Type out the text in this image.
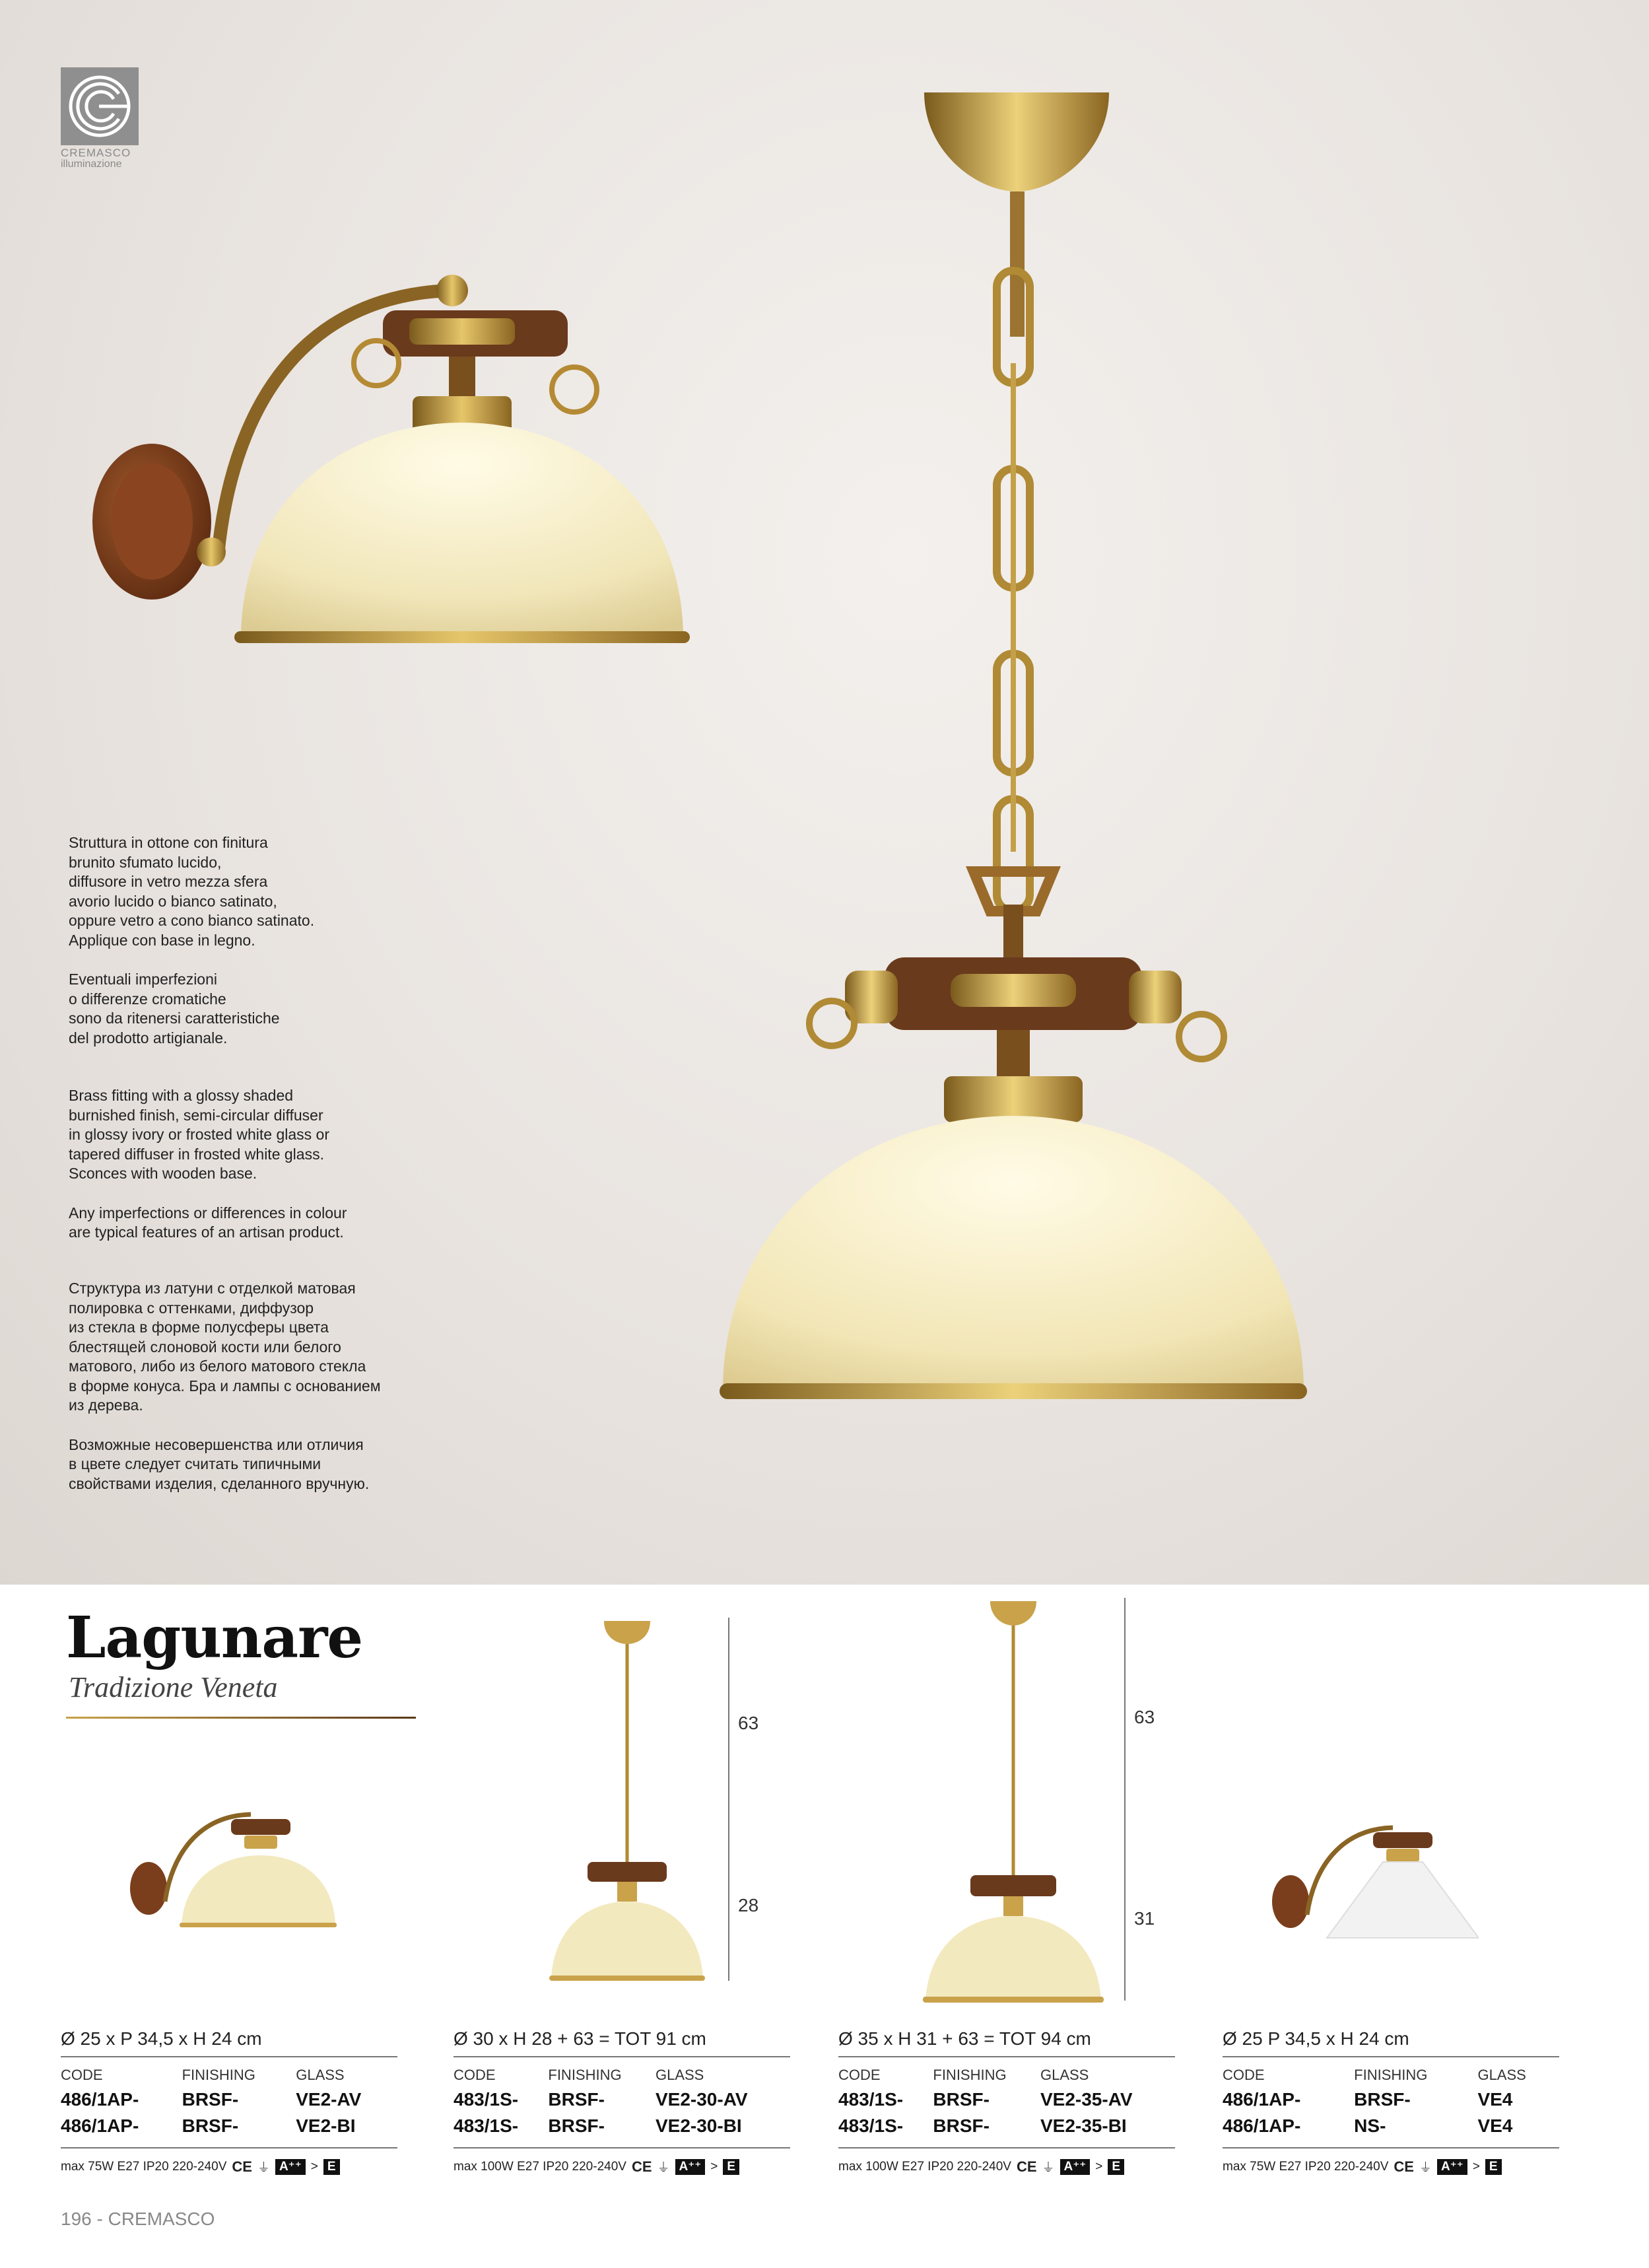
CREMASCO
illuminazione

Struttura in ottone con finitura
brunito sfumato lucido,
diffusore in vetro mezza sfera
avorio lucido o bianco satinato,
oppure vetro a cono bianco satinato.
Applique con base in legno.

Eventuali imperfezioni
o differenze cromatiche
sono da ritenersi caratteristiche
del prodotto artigianale.

Brass fitting with a glossy shaded
burnished finish, semi-circular diffuser
in glossy ivory or frosted white glass or
tapered diffuser in frosted white glass.
Sconces with wooden base.

Any imperfections or differences in colour
are typical features of an artisan product.

Структура из латуни с отделкой матовая
полировка с оттенками, диффузор
из стекла в форме полусферы цвета
блестящей слоновой кости или белого
матового, либо из белого матового стекла
в форме конуса. Бра и лампы с основанием
из дерева.

Возможные несовершенства или отличия
в цвете следует считать типичными
свойствами изделия, сделанного вручную.

Lagunare
Tradizione Veneta
63
28
63
31
Ø 25 x P 34,5 x H 24 cm
CODE	FINISHING	GLASS
486/1AP-	BRSF-	VE2-AV
486/1AP-	BRSF-	VE2-BI
max 75W E27 IP20 220-240V CE ⏚ A⁺⁺ > E
Ø 30 x H 28 + 63 = TOT 91 cm
CODE	FINISHING	GLASS
483/1S-	BRSF-	VE2-30-AV
483/1S-	BRSF-	VE2-30-BI
max 100W E27 IP20 220-240V CE ⏚ A⁺⁺ > E
Ø 35 x H 31 + 63 = TOT 94 cm
CODE	FINISHING	GLASS
483/1S-	BRSF-	VE2-35-AV
483/1S-	BRSF-	VE2-35-BI
max 100W E27 IP20 220-240V CE ⏚ A⁺⁺ > E
Ø 25 P 34,5 x H 24 cm
CODE	FINISHING	GLASS
486/1AP-	BRSF-	VE4
486/1AP-	NS-	VE4
max 75W E27 IP20 220-240V CE ⏚ A⁺⁺ > E
196 - CREMASCO
